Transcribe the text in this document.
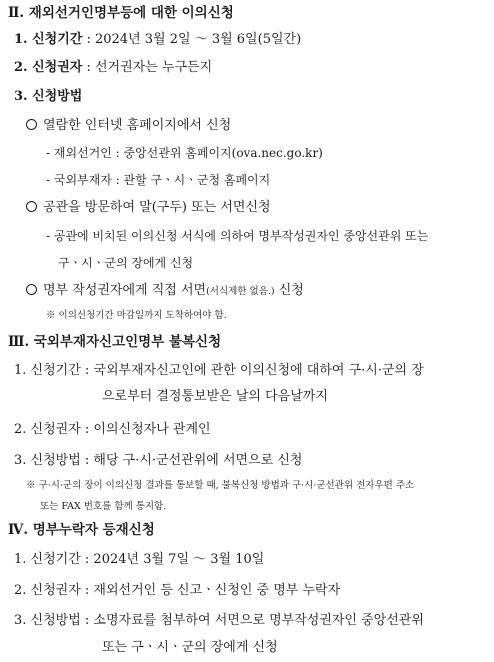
Ⅱ. 재외선거인명부등에 대한 이의신청
1. 신청기간 : 2024년 3월 2일 ～ 3월 6일(5일간)
2. 신청권자 : 선거권자는 누구든지
3. 신청방법
열람한 인터넷 홈페이지에서 신청
- 재외선거인 : 중앙선관위 홈페이지(ova.nec.go.kr)
- 국외부재자 : 관할 구ㆍ시ㆍ군청 홈페이지
공관을 방문하여 말(구두) 또는 서면신청
- 공관에 비치된 이의신청 서식에 의하여 명부작성권자인 중앙선관위 또는
구ㆍ시ㆍ군의 장에게 신청
명부 작성권자에게 직접 서면(서식제한 없음.) 신청
※ 이의신청기간 마감일까지 도착하여야 함.
Ⅲ. 국외부재자신고인명부 불복신청
1. 신청기간 : 국외부재자신고인에 관한 이의신청에 대하여 구·시·군의 장
으로부터 결정통보받은 날의 다음날까지
2. 신청권자 : 이의신청자나 관계인
3. 신청방법 : 해당 구·시·군선관위에 서면으로 신청
※ 구·시·군의 장이 이의신청 결과를 통보할 때, 불복신청 방법과 구·시·군선관위 전자우편 주소
또는 FAX 번호를 함께 통지함.
Ⅳ. 명부누락자 등재신청
1. 신청기간 : 2024년 3월 7일 ～ 3월 10일
2. 신청권자 : 재외선거인 등 신고ㆍ신청인 중 명부 누락자
3. 신청방법 : 소명자료를 첨부하여 서면으로 명부작성권자인 중앙선관위
또는 구ㆍ시ㆍ군의 장에게 신청
